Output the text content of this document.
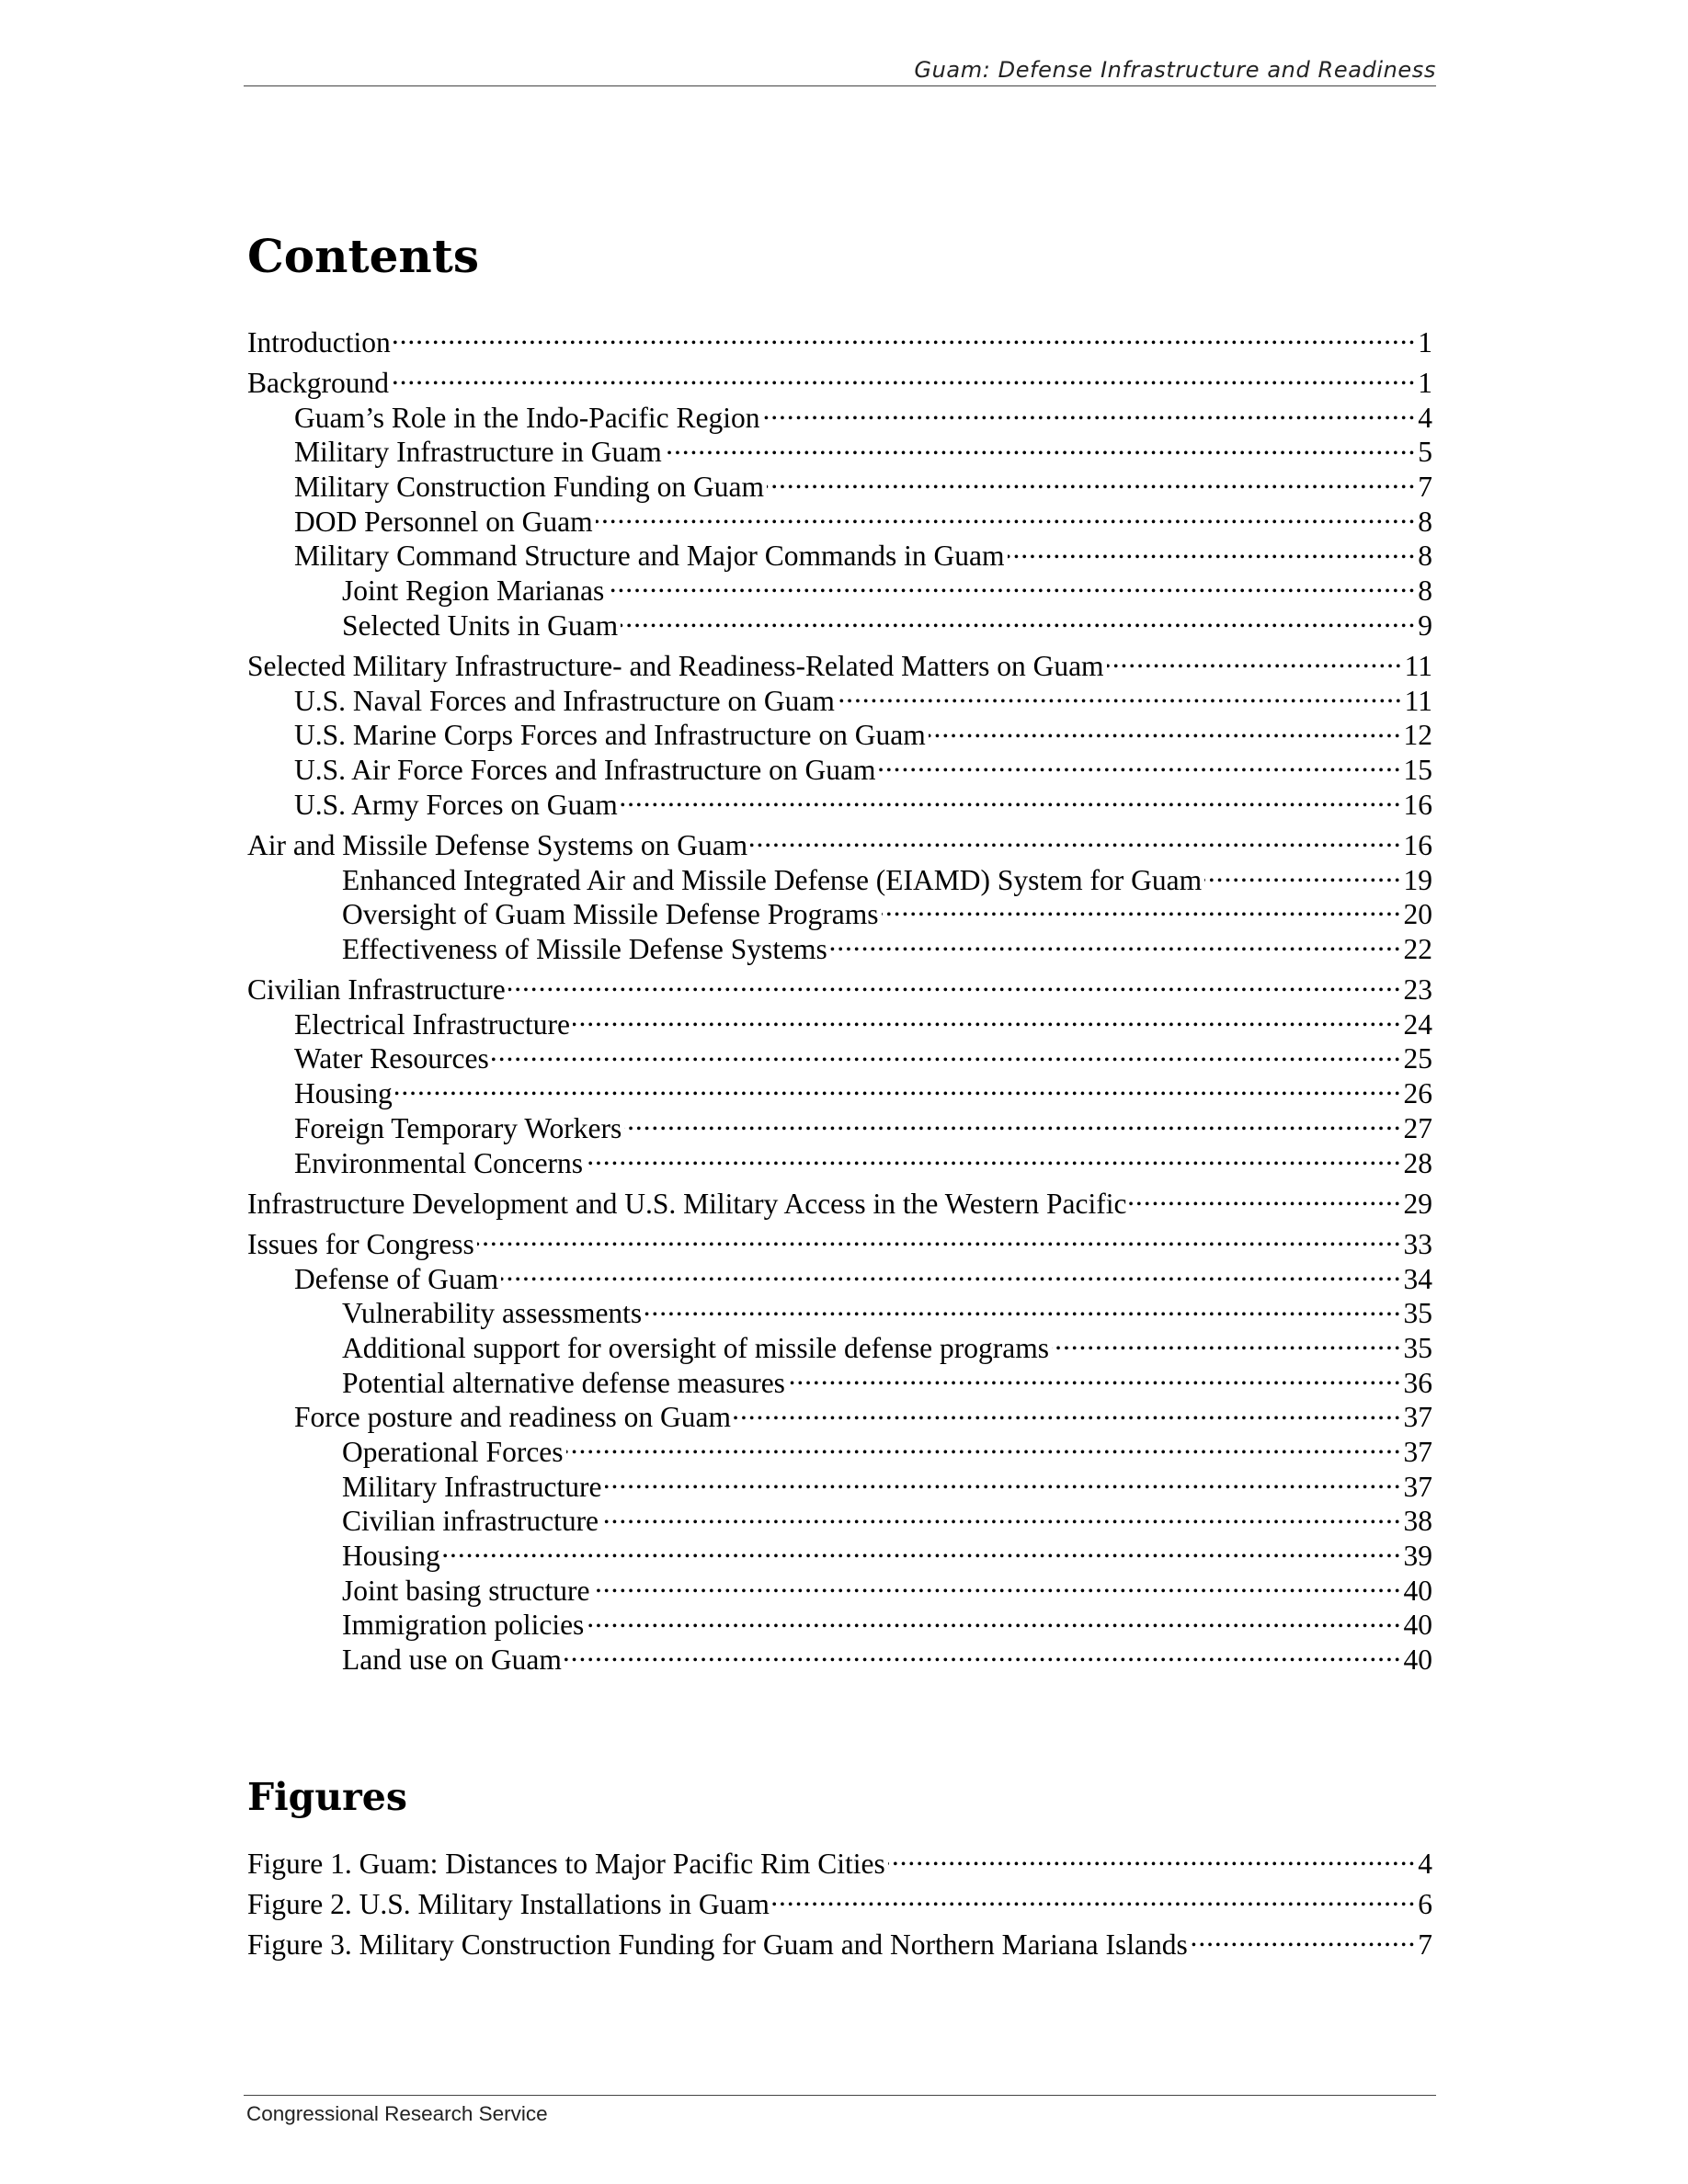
Guam: Defense Infrastructure and Readiness
Contents
Introduction .....	1
Background .....	1
Guam’s Role in the Indo-Pacific Region .....	4
Military Infrastructure in Guam .....	5
Military Construction Funding on Guam .....	7
DOD Personnel on Guam .....	8
Military Command Structure and Major Commands in Guam .....	8
Joint Region Marianas .....	8
Selected Units in Guam .....	9
Selected Military Infrastructure- and Readiness-Related Matters on Guam .....	11
U.S. Naval Forces and Infrastructure on Guam .....	11
U.S. Marine Corps Forces and Infrastructure on Guam .....	12
U.S. Air Force Forces and Infrastructure on Guam .....	15
U.S. Army Forces on Guam .....	16
Air and Missile Defense Systems on Guam .....	16
Enhanced Integrated Air and Missile Defense (EIAMD) System for Guam .....	19
Oversight of Guam Missile Defense Programs .....	20
Effectiveness of Missile Defense Systems .....	22
Civilian Infrastructure .....	23
Electrical Infrastructure .....	24
Water Resources .....	25
Housing .....	26
Foreign Temporary Workers .....	27
Environmental Concerns .....	28
Infrastructure Development and U.S. Military Access in the Western Pacific .....	29
Issues for Congress .....	33
Defense of Guam .....	34
Vulnerability assessments .....	35
Additional support for oversight of missile defense programs .....	35
Potential alternative defense measures .....	36
Force posture and readiness on Guam .....	37
Operational Forces .....	37
Military Infrastructure .....	37
Civilian infrastructure .....	38
Housing .....	39
Joint basing structure .....	40
Immigration policies .....	40
Land use on Guam .....	40
Figures
Figure 1. Guam: Distances to Major Pacific Rim Cities .....	4
Figure 2. U.S. Military Installations in Guam .....	6
Figure 3. Military Construction Funding for Guam and Northern Mariana Islands .....	7
Congressional Research Service
